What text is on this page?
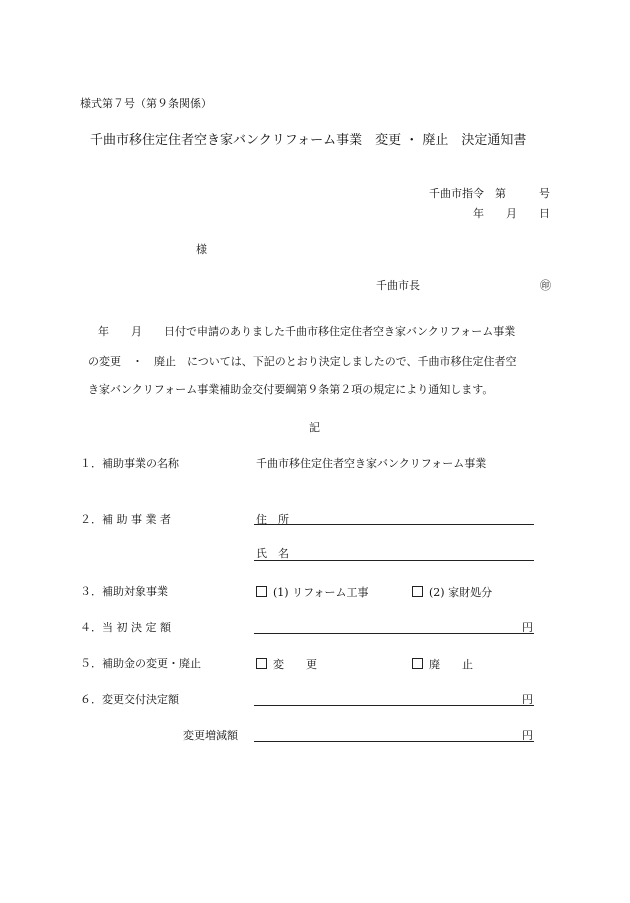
様式第７号（第９条関係）
千曲市移住定住者空き家バンクリフォーム事業　変更 ・ 廃止　決定通知書
千曲市指令　第　　　号
年　　月　　日
様
千曲市長	㊞
年　　月　　日付で申請のありました千曲市移住定住者空き家バンクリフォーム事業
の変更　・　廃止　については、下記のとおり決定しましたので、千曲市移住定住者空
き家バンクリフォーム事業補助金交付要綱第９条第２項の規定により通知します。
記
１．補助事業の名称	千曲市移住定住者空き家バンクリフォーム事業
２．補 助 事 業 者	住　所
氏　名
３．補助対象事業	(1) リフォーム工事	(2) 家財処分
４．当 初 決 定 額	円
５．補助金の変更・廃止	変　　更	廃　　止
６．変更交付決定額	円
変更増減額	円
